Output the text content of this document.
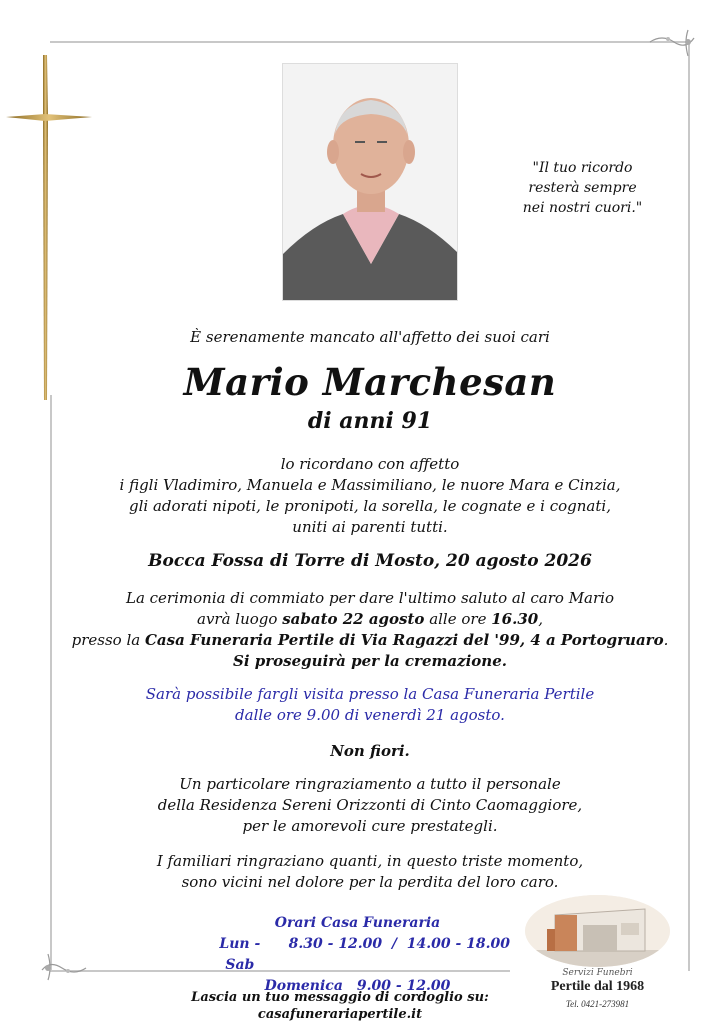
"Il tuo ricordo
resterà sempre
nei nostri cuori."
È serenamente mancato all'affetto dei suoi cari
Mario Marchesan
di anni 91
lo ricordano con affetto
i figli Vladimiro, Manuela e Massimiliano, le nuore Mara e Cinzia,
gli adorati nipoti, le pronipoti, la sorella, le cognate e i cognati,
uniti ai parenti tutti.
Bocca Fossa di Torre di Mosto, 20 agosto 2026
La cerimonia di commiato per dare l'ultimo saluto al caro Mario
avrà luogo sabato 22 agosto alle ore 16.30,
presso la Casa Funeraria Pertile di Via Ragazzi del '99, 4 a Portogruaro.
Si proseguirà per la cremazione.
Sarà possibile fargli visita presso la Casa Funeraria Pertile
dalle ore 9.00 di venerdì 21 agosto.
Non fiori.
Un particolare ringraziamento a tutto il personale
della Residenza Sereni Orizzonti di Cinto Caomaggiore,
per le amorevoli cure prestategli.
I familiari ringraziano quanti, in questo triste momento,
sono vicini nel dolore per la perdita del loro caro.
Orari Casa Funeraria
Lun - Sab
8.30 - 12.00  /  14.00 - 18.00
Domenica 9.00 - 12.00
Lascia un tuo messaggio di cordoglio su:
casafunerariapertile.it
Servizi Funebri
Pertile dal 1968
Tel. 0421-273981
